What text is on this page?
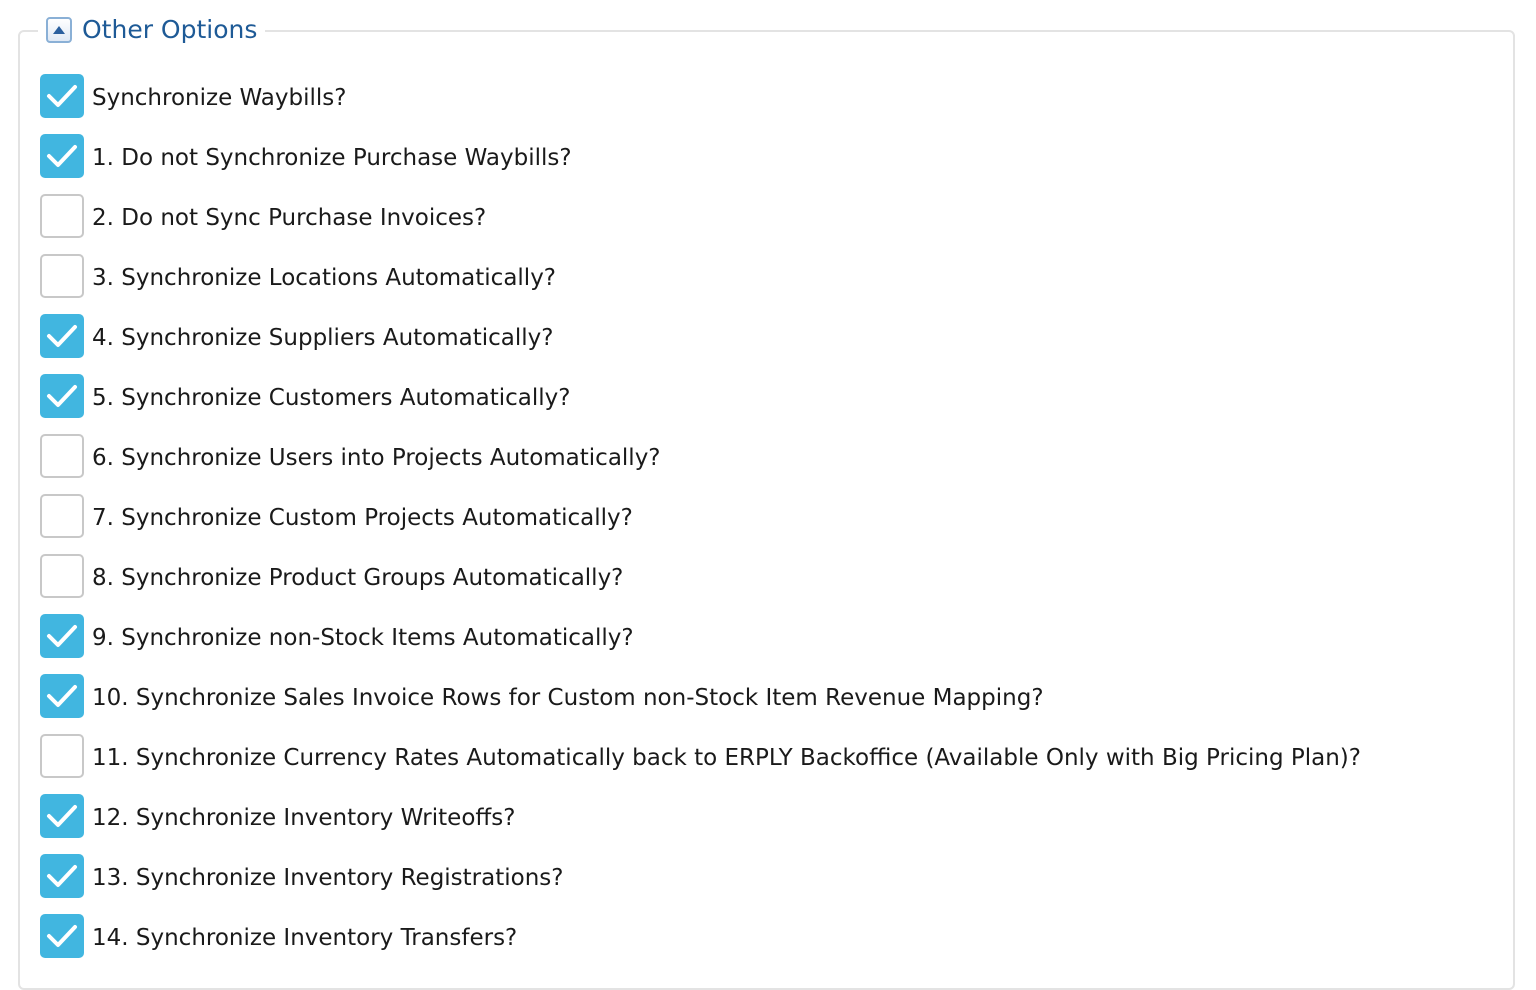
Other Options
Synchronize Waybills?
1. Do not Synchronize Purchase Waybills?
2. Do not Sync Purchase Invoices?
3. Synchronize Locations Automatically?
4. Synchronize Suppliers Automatically?
5. Synchronize Customers Automatically?
6. Synchronize Users into Projects Automatically?
7. Synchronize Custom Projects Automatically?
8. Synchronize Product Groups Automatically?
9. Synchronize non-Stock Items Automatically?
10. Synchronize Sales Invoice Rows for Custom non-Stock Item Revenue Mapping?
11. Synchronize Currency Rates Automatically back to ERPLY Backoffice (Available Only with Big Pricing Plan)?
12. Synchronize Inventory Writeoffs?
13. Synchronize Inventory Registrations?
14. Synchronize Inventory Transfers?
